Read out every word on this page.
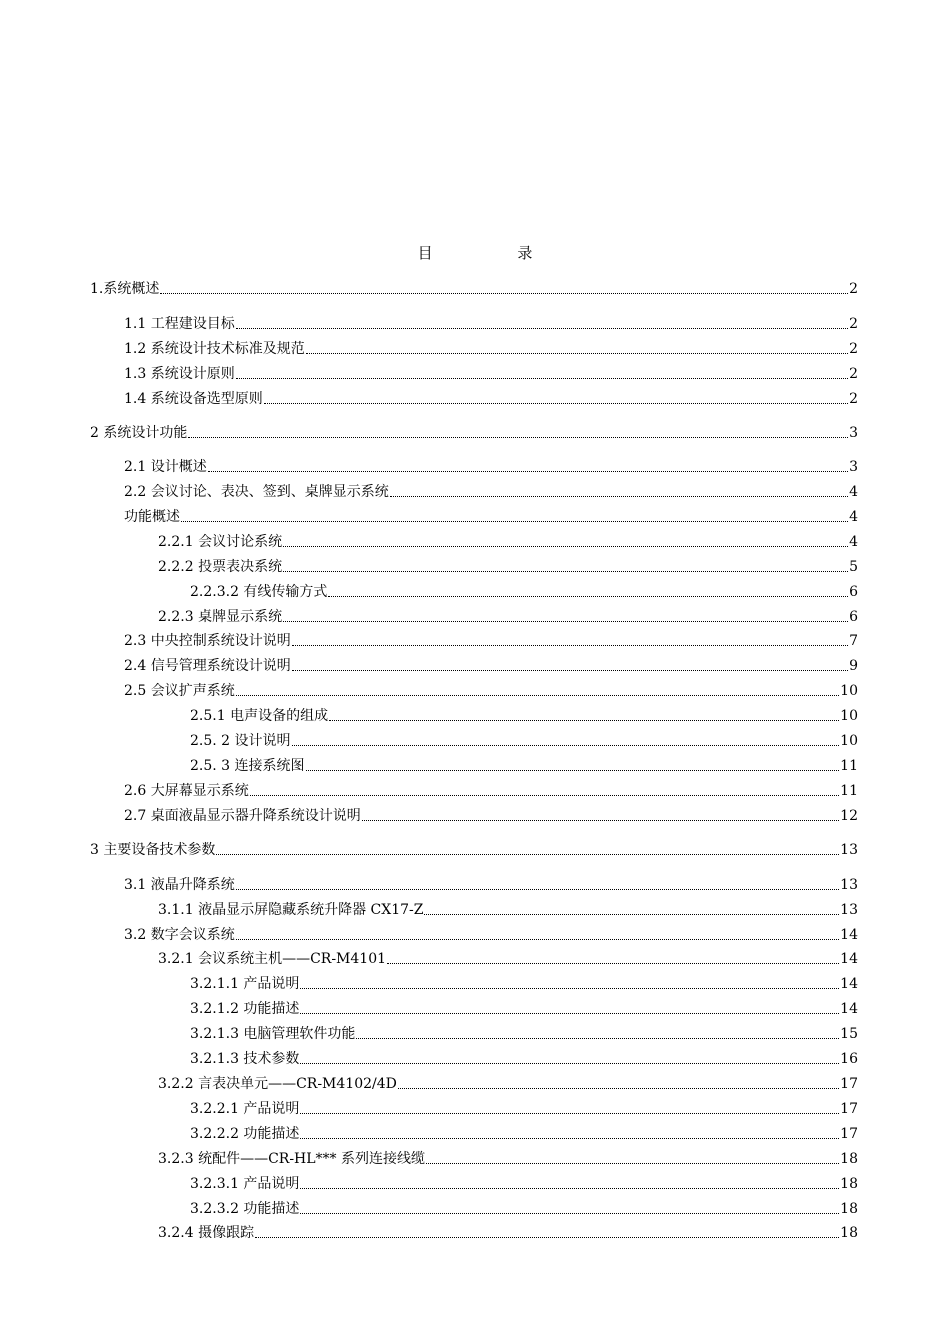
目 录
1.系统概述	2
1.1 工程建设目标	2
1.2 系统设计技术标准及规范	2
1.3 系统设计原则	2
1.4 系统设备选型原则	2
2 系统设计功能	3
2.1 设计概述	3
2.2 会议讨论、表决、签到、桌牌显示系统	4
功能概述	4
2.2.1 会议讨论系统	4
2.2.2 投票表决系统	5
2.2.3.2 有线传输方式	6
2.2.3 桌牌显示系统	6
2.3 中央控制系统设计说明	7
2.4 信号管理系统设计说明	9
2.5 会议扩声系统	10
2.5.1 电声设备的组成	10
2.5. 2 设计说明	10
2.5. 3 连接系统图	11
2.6 大屏幕显示系统	11
2.7 桌面液晶显示器升降系统设计说明	12
3 主要设备技术参数	13
3.1 液晶升降系统	13
3.1.1 液晶显示屏隐藏系统升降器 CX17-Z	13
3.2 数字会议系统	14
3.2.1 会议系统主机——CR-M4101	14
3.2.1.1 产品说明	14
3.2.1.2 功能描述	14
3.2.1.3 电脑管理软件功能	15
3.2.1.3 技术参数	16
3.2.2 言表决单元——CR-M4102/4D	17
3.2.2.1 产品说明	17
3.2.2.2 功能描述	17
3.2.3 统配件——CR-HL*** 系列连接线缆	18
3.2.3.1 产品说明	18
3.2.3.2 功能描述	18
3.2.4 摄像跟踪	18
